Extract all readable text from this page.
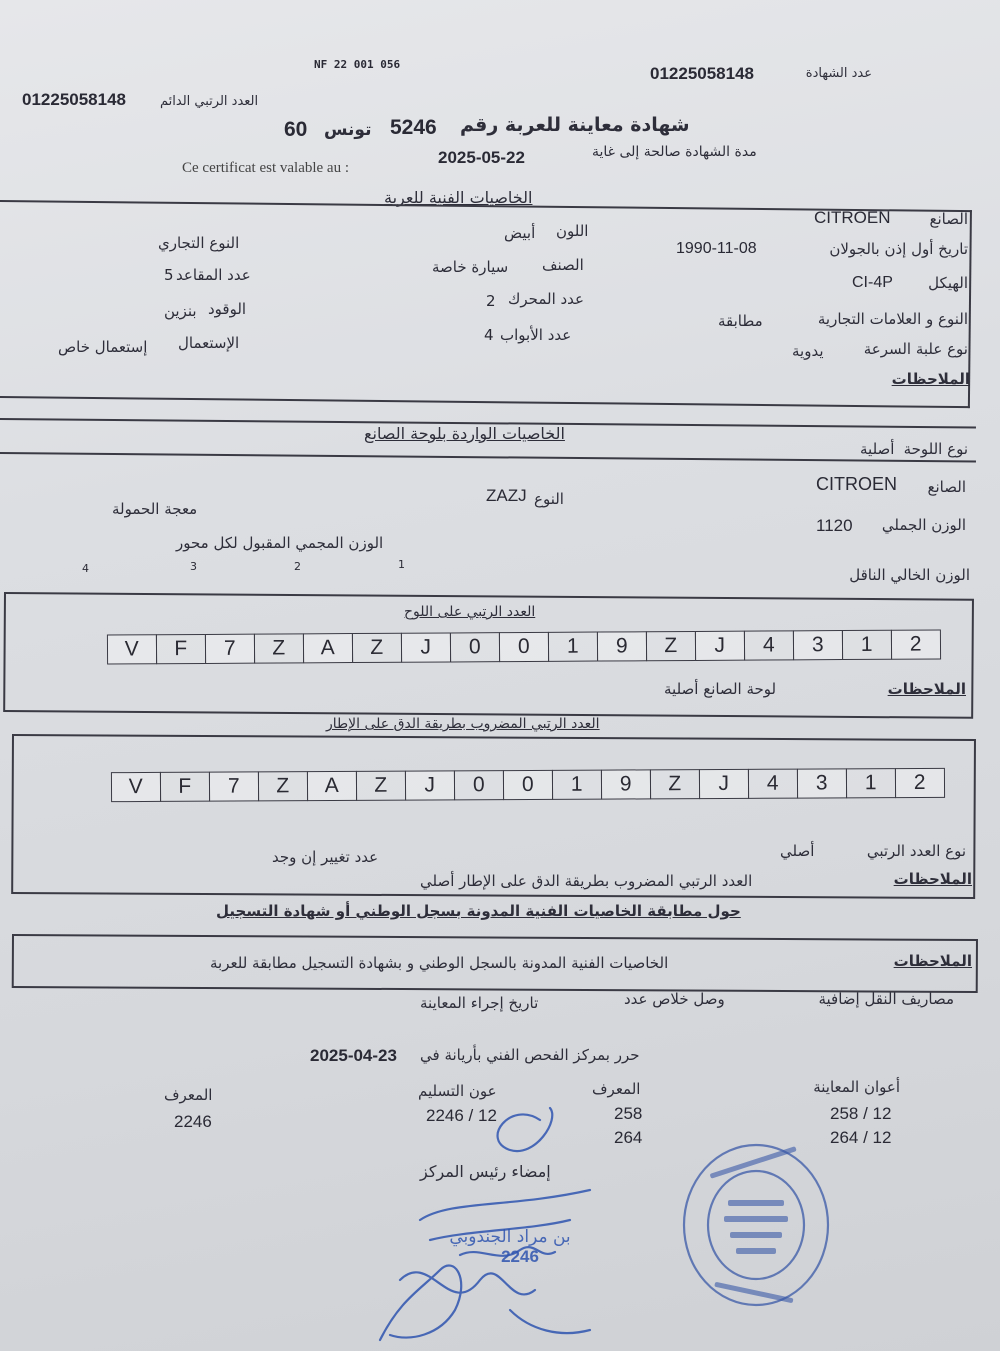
NF 22 001 056
عدد الشهادة
01225058148
العدد الرتبي الدائم
01225058148
شهادة معاينة للعربة رقم
5246
تونس
60
مدة الشهادة صالحة إلى غاية
2025-05-22
Ce certificat est valable au :
الخاصيات الفنية للعربة
الصانع
CITROEN
تاريخ أول إذن بالجولان
1990-11-08
الهيكل
CI-4P
النوع و العلامات التجارية
مطابقة
نوع علبة السرعة
يدوية
الملاحظات
اللون
أبيض
الصنف
سيارة خاصة
عدد المحرك
2
عدد الأبواب
4
النوع التجاري
عدد المقاعد
5
الوقود
بنزين
الإستعمال
إستعمال خاص
الخاصيات الواردة بلوحة الصانع
نوع اللوحة
أصلية
الصانع
CITROEN
النوع
ZAZJ
معجة الحمولة
الوزن الجملي
1120
الوزن المجمي المقبول لكل محور
4	3	2	1
الوزن الخالي الناقل
العدد الرتبي على اللوح
V	F	7	Z	A	Z	J	0	0	1	9	Z	J	4	3	1	2
الملاحظات
لوحة الصانع أصلية
العدد الرتبي المضروب بطريقة الدق على الإطار
V	F	7	Z	A	Z	J	0	0	1	9	Z	J	4	3	1	2
نوع العدد الرتبي
أصلي
عدد تغيير إن وجد
الملاحظات
العدد الرتبي المضروب بطريقة الدق على الإطار أصلي
حول مطابقة الخاصيات الفنية المدونة بسجل الوطني أو شهادة التسجيل
الملاحظات
الخاصيات الفنية المدونة بالسجل الوطني و بشهادة التسجيل مطابقة للعربة
مصاريف النقل إضافية
وصل خلاص عدد
تاريخ إجراء المعاينة
حرر بمركز الفحص الفني بأريانة في
2025-04-23
أعوان المعاينة
258 / 12
264 / 12
المعرف
258
264
عون التسليم
2246 / 12
المعرف
2246
إمضاء رئيس المركز
بن مراد الجندوبي
2246
